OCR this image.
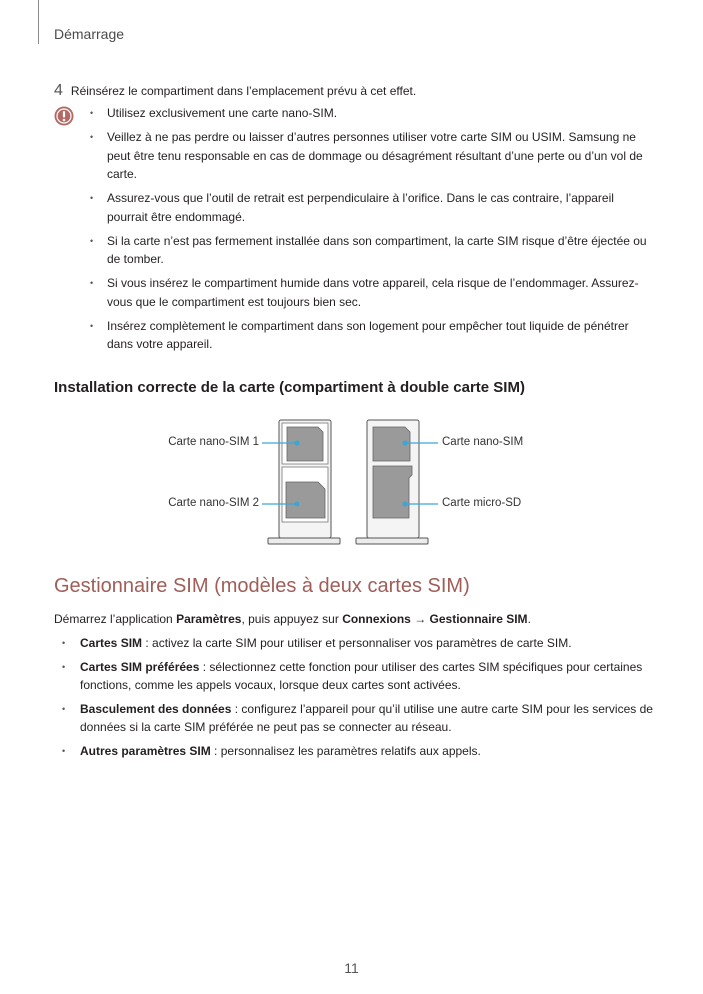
Démarrage
4 Réinsérez le compartiment dans l’emplacement prévu à cet effet.
• Utilisez exclusivement une carte nano-SIM.
• Veillez à ne pas perdre ou laisser d’autres personnes utiliser votre carte SIM ou USIM. Samsung ne peut être tenu responsable en cas de dommage ou désagrément résultant d’une perte ou d’un vol de carte.
• Assurez-vous que l’outil de retrait est perpendiculaire à l’orifice. Dans le cas contraire, l’appareil pourrait être endommagé.
• Si la carte n’est pas fermement installée dans son compartiment, la carte SIM risque d’être éjectée ou de tomber.
• Si vous insérez le compartiment humide dans votre appareil, cela risque de l’endommager. Assurez-vous que le compartiment est toujours bien sec.
• Insérez complètement le compartiment dans son logement pour empêcher tout liquide de pénétrer dans votre appareil.
Installation correcte de la carte (compartiment à double carte SIM)
Carte nano-SIM 1
Carte nano-SIM 2
Carte nano-SIM
Carte micro-SD
Gestionnaire SIM (modèles à deux cartes SIM)
Démarrez l’application Paramètres, puis appuyez sur Connexions → Gestionnaire SIM.
• Cartes SIM : activez la carte SIM pour utiliser et personnaliser vos paramètres de carte SIM.
• Cartes SIM préférées : sélectionnez cette fonction pour utiliser des cartes SIM spécifiques pour certaines fonctions, comme les appels vocaux, lorsque deux cartes sont activées.
• Basculement des données : configurez l’appareil pour qu’il utilise une autre carte SIM pour les services de données si la carte SIM préférée ne peut pas se connecter au réseau.
• Autres paramètres SIM : personnalisez les paramètres relatifs aux appels.
11
